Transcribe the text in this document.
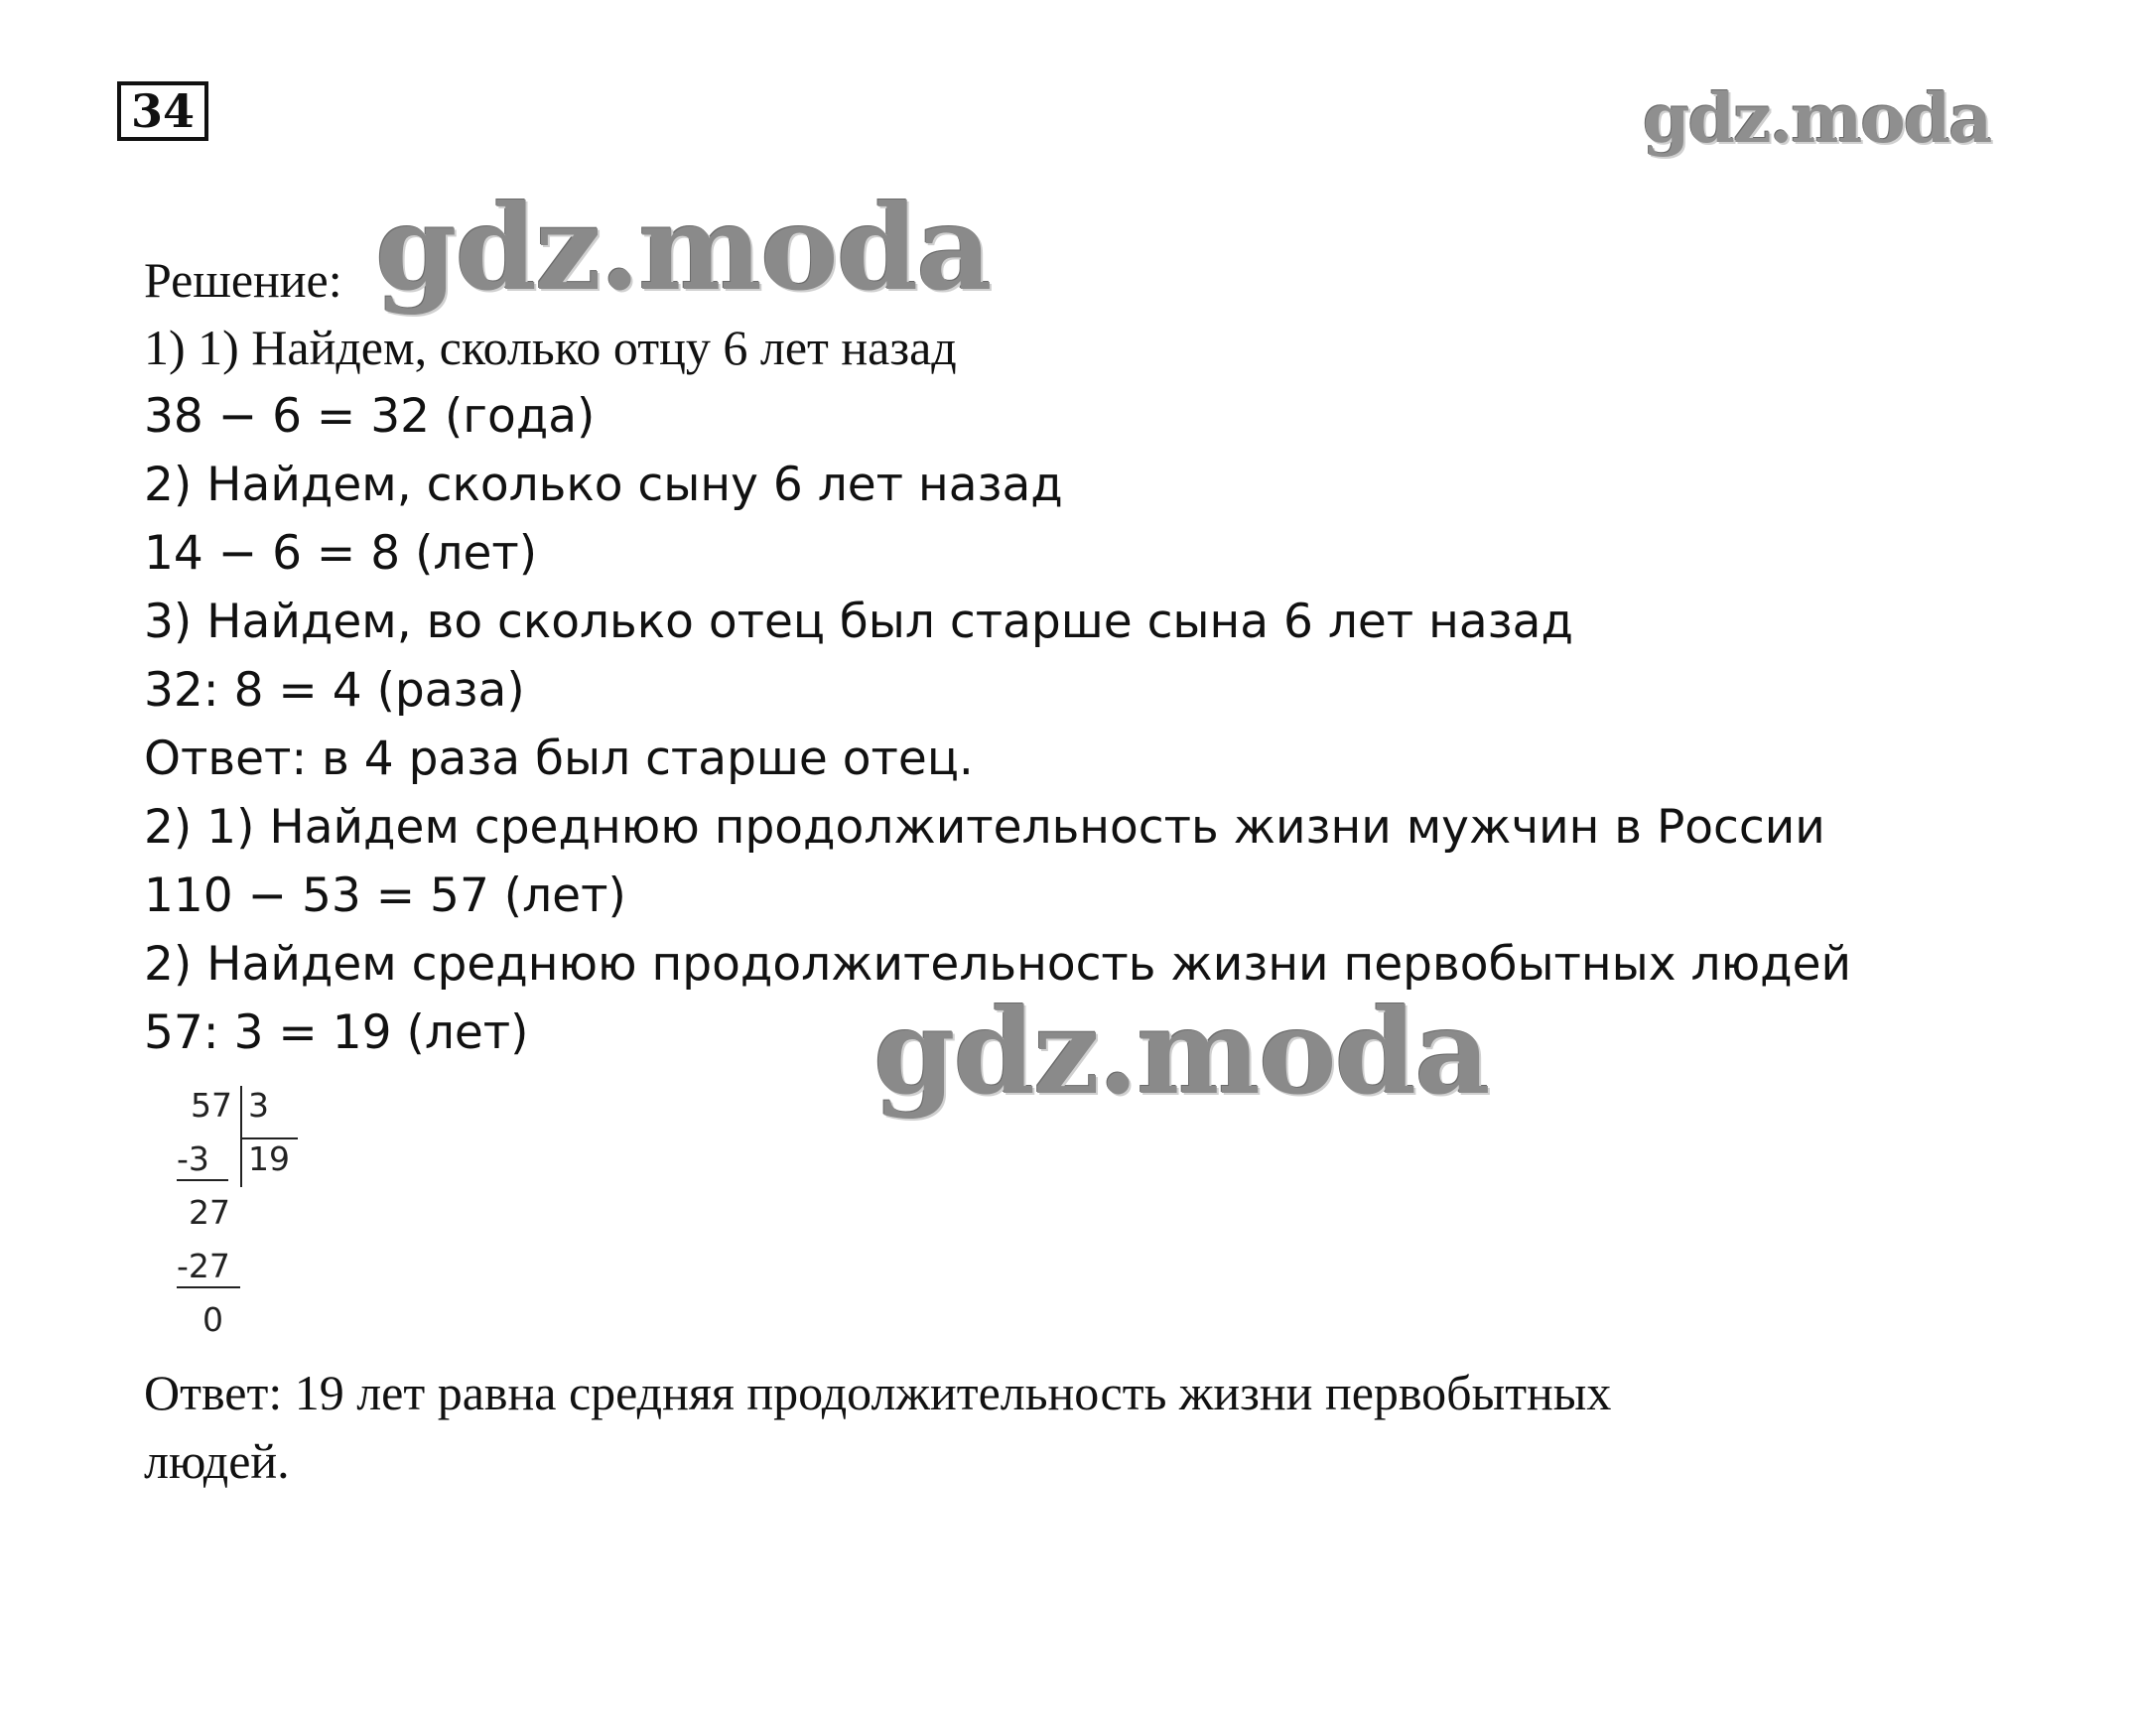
34	gdz.moda
gdz.moda
gdz.moda
Решение:
1) 1) Найдем, сколько отцу 6 лет назад
38 − 6 = 32 (года)
2) Найдем, сколько сыну 6 лет назад
14 − 6 = 8 (лет)
3) Найдем, во сколько отец был старше сына 6 лет назад
32: 8 = 4 (раза)
Ответ: в 4 раза был старше отец.
2) 1) Найдем среднюю продолжительность жизни мужчин в России
110 − 53 = 57 (лет)
2) Найдем среднюю продолжительность жизни первобытных людей
57: 3 = 19 (лет)
57 3
19
-3
27
-27
0
Ответ: 19 лет равна средняя продолжительность жизни первобытных
людей.
